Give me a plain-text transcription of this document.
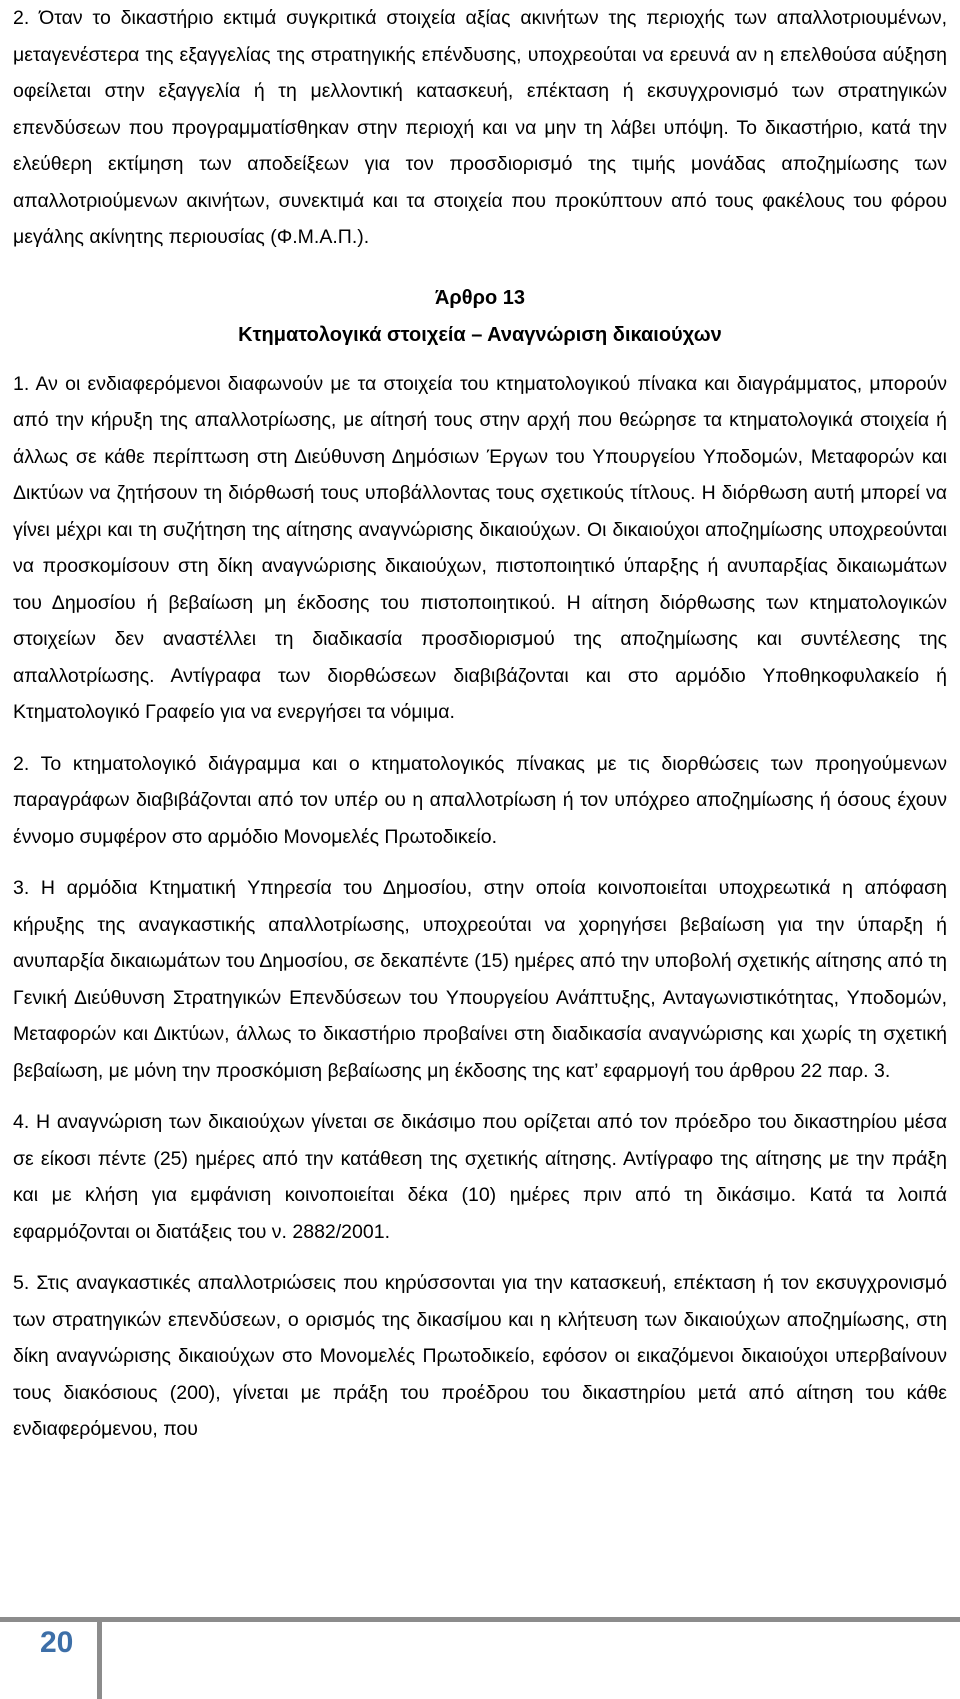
2. Όταν το δικαστήριο εκτιμά συγκριτικά στοιχεία αξίας ακινήτων της περιοχής των απαλλοτριουμένων, μεταγενέστερα της εξαγγελίας της στρατηγικής επένδυσης, υποχρεούται να ερευνά αν η επελθούσα αύξηση οφείλεται στην εξαγγελία ή τη μελλοντική κατασκευή, επέκταση ή εκσυγχρονισμό των στρατηγικών επενδύσεων που προγραμματίσθηκαν στην περιοχή και να μην τη λάβει υπόψη. Το δικαστήριο, κατά την ελεύθερη εκτίμηση των αποδείξεων για τον προσδιορισμό της τιμής μονάδας αποζημίωσης των απαλλοτριούμενων ακινήτων, συνεκτιμά και τα στοιχεία που προκύπτουν από τους φακέλους του φόρου μεγάλης ακίνητης περιουσίας (Φ.Μ.Α.Π.).

Άρθρο 13

Κτηματολογικά στοιχεία – Αναγνώριση δικαιούχων

1. Αν οι ενδιαφερόμενοι διαφωνούν με τα στοιχεία του κτηματολογικού πίνακα και διαγράμματος, μπορούν από την κήρυξη της απαλλοτρίωσης, με αίτησή τους στην αρχή που θεώρησε τα κτηματολογικά στοιχεία ή άλλως σε κάθε περίπτωση στη Διεύθυνση Δημόσιων Έργων του Υπουργείου Υποδομών, Μεταφορών και Δικτύων να ζητήσουν τη διόρθωσή τους υποβάλλοντας τους σχετικούς τίτλους. Η διόρθωση αυτή μπορεί να γίνει μέχρι και τη συζήτηση της αίτησης αναγνώρισης δικαιούχων. Οι δικαιούχοι αποζημίωσης υποχρεούνται να προσκομίσουν στη δίκη αναγνώρισης δικαιούχων, πιστοποιητικό ύπαρξης ή ανυπαρξίας δικαιωμάτων του Δημοσίου ή βεβαίωση μη έκδοσης του πιστοποιητικού. Η αίτηση διόρθωσης των κτηματολογικών στοιχείων δεν αναστέλλει τη διαδικασία προσδιορισμού της αποζημίωσης και συντέλεσης της απαλλοτρίωσης. Αντίγραφα των διορθώσεων διαβιβάζονται και στο αρμόδιο Υποθηκοφυλακείο ή Κτηματολογικό Γραφείο για να ενεργήσει τα νόμιμα.

2. Το κτηματολογικό διάγραμμα και ο κτηματολογικός πίνακας με τις διορθώσεις των προηγούμενων παραγράφων διαβιβάζονται από τον υπέρ ου η απαλλοτρίωση ή τον υπόχρεο αποζημίωσης ή όσους έχουν έννομο συμφέρον στο αρμόδιο Μονομελές Πρωτοδικείο.

3. Η αρμόδια Κτηματική Υπηρεσία του Δημοσίου, στην οποία κοινοποιείται υποχρεωτικά η απόφαση κήρυξης της αναγκαστικής απαλλοτρίωσης, υποχρεούται να χορηγήσει βεβαίωση για την ύπαρξη ή ανυπαρξία δικαιωμάτων του Δημοσίου, σε δεκαπέντε (15) ημέρες από την υποβολή σχετικής αίτησης από τη Γενική Διεύθυνση Στρατηγικών Επενδύσεων του Υπουργείου Ανάπτυξης, Ανταγωνιστικότητας, Υποδομών, Μεταφορών και Δικτύων, άλλως το δικαστήριο προβαίνει στη διαδικασία αναγνώρισης και χωρίς τη σχετική βεβαίωση, με μόνη την προσκόμιση βεβαίωσης μη έκδοσης της κατ’ εφαρμογή του άρθρου 22 παρ. 3.

4. Η αναγνώριση των δικαιούχων γίνεται σε δικάσιμο που ορίζεται από τον πρόεδρο του δικαστηρίου μέσα σε είκοσι πέντε (25) ημέρες από την κατάθεση της σχετικής αίτησης. Αντίγραφο της αίτησης με την πράξη και με κλήση για εμφάνιση κοινοποιείται δέκα (10) ημέρες πριν από τη δικάσιμο. Κατά τα λοιπά εφαρμόζονται οι διατάξεις του ν. 2882/2001.

5. Στις αναγκαστικές απαλλοτριώσεις που κηρύσσονται για την κατασκευή, επέκταση ή τον εκσυγχρονισμό των στρατηγικών επενδύσεων, ο ορισμός της δικασίμου και η κλήτευση των δικαιούχων αποζημίωσης, στη δίκη αναγνώρισης δικαιούχων στο Μονομελές Πρωτοδικείο, εφόσον οι εικαζόμενοι δικαιούχοι υπερβαίνουν τους διακόσιους (200), γίνεται με πράξη του προέδρου του δικαστηρίου μετά από αίτηση του κάθε ενδιαφερόμενου, που

20
